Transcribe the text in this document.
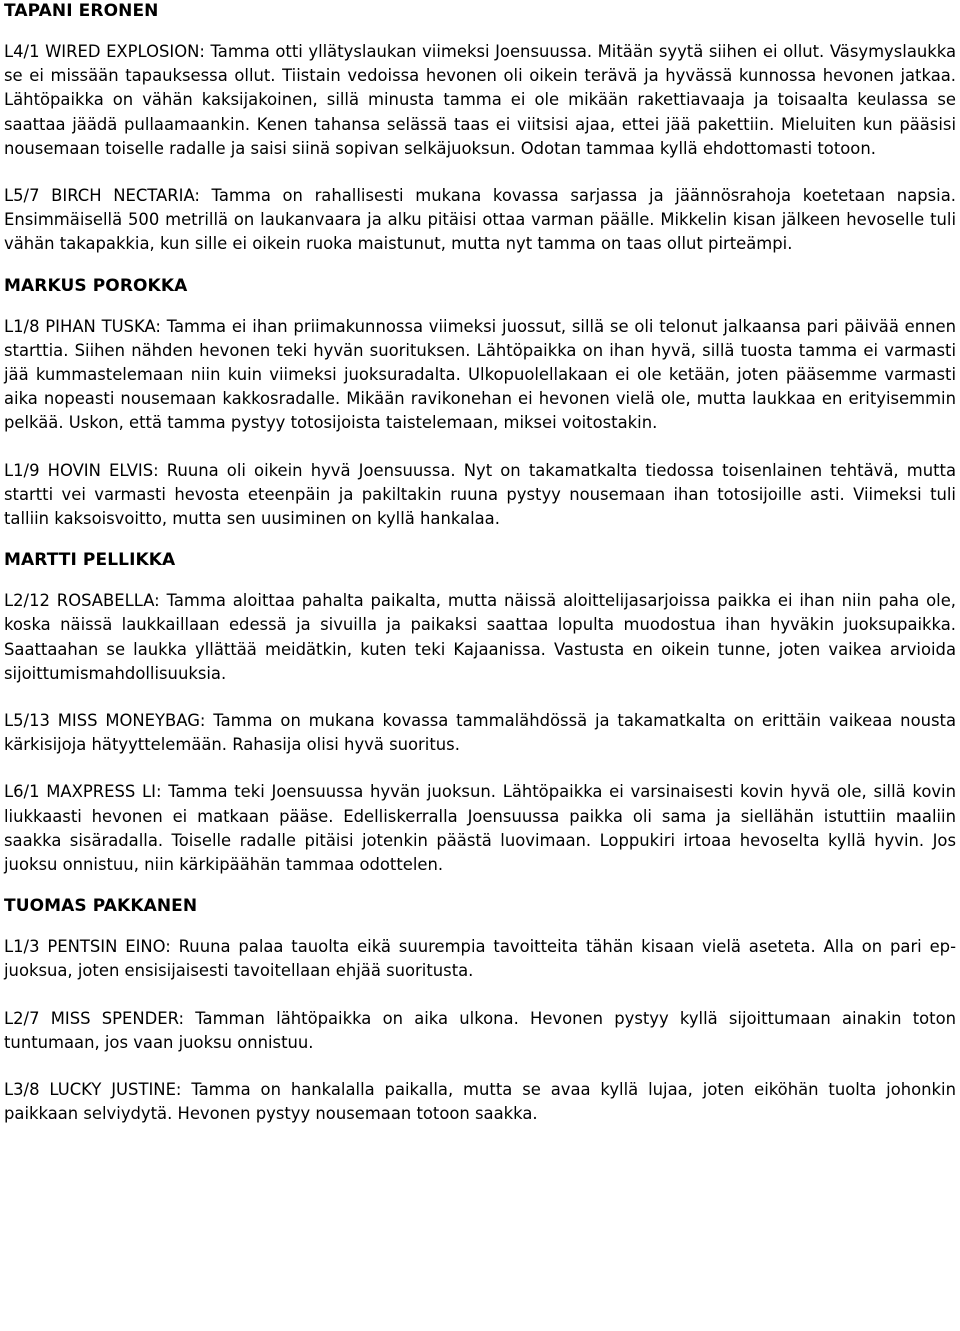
TAPANI ERONEN

L4/1 WIRED EXPLOSION: Tamma otti yllätyslaukan viimeksi Joensuussa. Mitään syytä siihen ei ollut. Väsymyslaukka se ei missään tapauksessa ollut. Tiistain vedoissa hevonen oli oikein terävä ja hyvässä kunnossa hevonen jatkaa. Lähtöpaikka on vähän kaksijakoinen, sillä minusta tamma ei ole mikään rakettiavaaja ja toisaalta keulassa se saattaa jäädä pullaamaankin. Kenen tahansa selässä taas ei viitsisi ajaa, ettei jää pakettiin. Mieluiten kun pääsisi nousemaan toiselle radalle ja saisi siinä sopivan selkäjuoksun. Odotan tammaa kyllä ehdottomasti totoon.

L5/7 BIRCH NECTARIA: Tamma on rahallisesti mukana kovassa sarjassa ja jäännösrahoja koetetaan napsia. Ensimmäisellä 500 metrillä on laukanvaara ja alku pitäisi ottaa varman päälle. Mikkelin kisan jälkeen hevoselle tuli vähän takapakkia, kun sille ei oikein ruoka maistunut, mutta nyt tamma on taas ollut pirteämpi.

MARKUS POROKKA

L1/8 PIHAN TUSKA: Tamma ei ihan priimakunnossa viimeksi juossut, sillä se oli telonut jalkaansa pari päivää ennen starttia. Siihen nähden hevonen teki hyvän suorituksen. Lähtöpaikka on ihan hyvä, sillä tuosta tamma ei varmasti jää kummastelemaan niin kuin viimeksi juoksuradalta. Ulkopuolellakaan ei ole ketään, joten pääsemme varmasti aika nopeasti nousemaan kakkosradalle. Mikään ravikonehan ei hevonen vielä ole, mutta laukkaa en erityisemmin pelkää. Uskon, että tamma pystyy totosijoista taistelemaan, miksei voitostakin.

L1/9 HOVIN ELVIS: Ruuna oli oikein hyvä Joensuussa. Nyt on takamatkalta tiedossa toisenlainen tehtävä, mutta startti vei varmasti hevosta eteenpäin ja pakiltakin ruuna pystyy nousemaan ihan totosijoille asti. Viimeksi tuli talliin kaksoisvoitto, mutta sen uusiminen on kyllä hankalaa.

MARTTI PELLIKKA

L2/12 ROSABELLA: Tamma aloittaa pahalta paikalta, mutta näissä aloittelijasarjoissa paikka ei ihan niin paha ole, koska näissä laukkaillaan edessä ja sivuilla ja paikaksi saattaa lopulta muodostua ihan hyväkin juoksupaikka. Saattaahan se laukka yllättää meidätkin, kuten teki Kajaanissa. Vastusta en oikein tunne, joten vaikea arvioida sijoittumismahdollisuuksia.

L5/13 MISS MONEYBAG: Tamma on mukana kovassa tammalähdössä ja takamatkalta on erittäin vaikeaa nousta kärkisijoja hätyyttelemään. Rahasija olisi hyvä suoritus.

L6/1 MAXPRESS LI: Tamma teki Joensuussa hyvän juoksun. Lähtöpaikka ei varsinaisesti kovin hyvä ole, sillä kovin liukkaasti hevonen ei matkaan pääse. Edelliskerralla Joensuussa paikka oli sama ja siellähän istuttiin maaliin saakka sisäradalla. Toiselle radalle pitäisi jotenkin päästä luovimaan. Loppukiri irtoaa hevoselta kyllä hyvin. Jos juoksu onnistuu, niin kärkipäähän tammaa odottelen.

TUOMAS PAKKANEN

L1/3 PENTSIN EINO: Ruuna palaa tauolta eikä suurempia tavoitteita tähän kisaan vielä aseteta. Alla on pari ep-juoksua, joten ensisijaisesti tavoitellaan ehjää suoritusta.

L2/7 MISS SPENDER: Tamman lähtöpaikka on aika ulkona. Hevonen pystyy kyllä sijoittumaan ainakin toton tuntumaan, jos vaan juoksu onnistuu.

L3/8 LUCKY JUSTINE: Tamma on hankalalla paikalla, mutta se avaa kyllä lujaa, joten eiköhän tuolta johonkin paikkaan selviydytä. Hevonen pystyy nousemaan totoon saakka.
